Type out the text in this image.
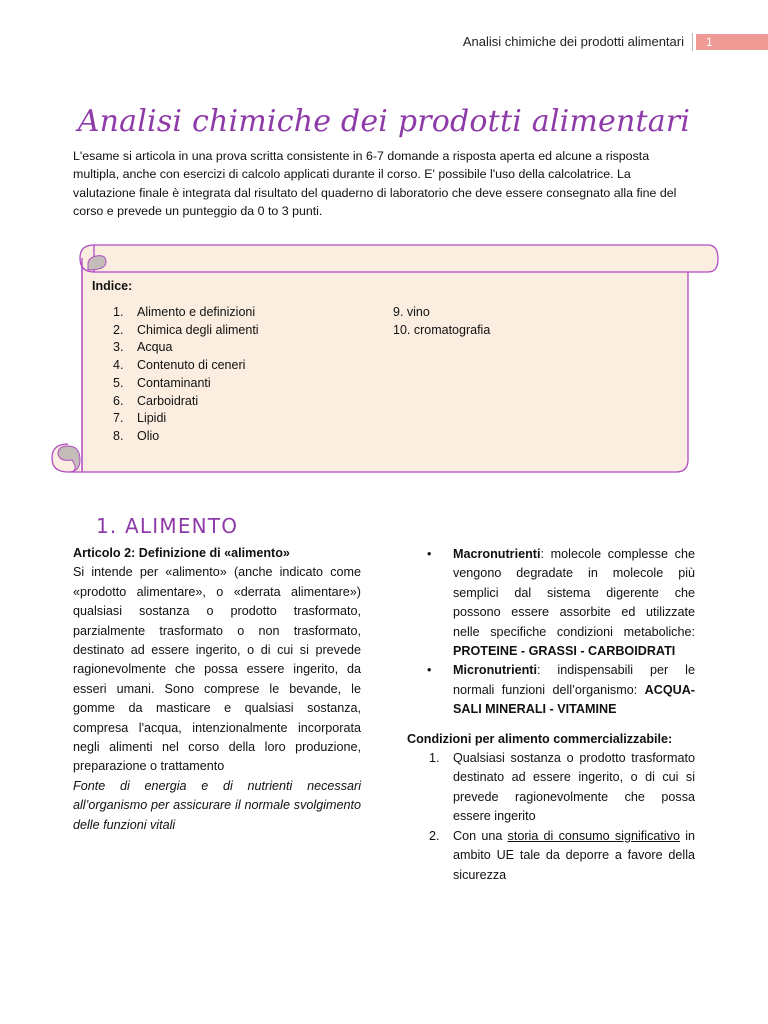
Analisi chimiche dei prodotti alimentari	1
Analisi chimiche dei prodotti alimentari
L'esame si articola in una prova scritta consistente in 6-7 domande a risposta aperta ed alcune a risposta multipla, anche con esercizi di calcolo applicati durante il corso. E' possibile l'uso della calcolatrice. La valutazione finale è integrata dal risultato del quaderno di laboratorio che deve essere consegnato alla fine del corso e prevede un punteggio da 0 to 3 punti.
Indice:
1.	Alimento e definizioni
2.	Chimica degli alimenti
3.	Acqua
4.	Contenuto di ceneri
5.	Contaminanti
6.	Carboidrati
7.	Lipidi
8.	Olio
9. vino
10. cromatografia
1. ALIMENTO
Articolo 2: Definizione di «alimento»
Si intende per «alimento» (anche indicato come «prodotto alimentare», o «derrata alimentare») qualsiasi sostanza o prodotto trasformato, parzialmente trasformato o non trasformato, destinato ad essere ingerito, o di cui si prevede ragionevolmente che possa essere ingerito, da esseri umani. Sono comprese le bevande, le gomme da masticare e qualsiasi sostanza, compresa l'acqua, intenzionalmente incorporata negli alimenti nel corso della loro produzione, preparazione o trattamento
Fonte di energia e di nutrienti necessari all’organismo per assicurare il normale svolgimento delle funzioni vitali
•	Macronutrienti: molecole complesse che vengono degradate in molecole più semplici dal sistema digerente che possono essere assorbite ed utilizzate nelle specifiche condizioni metaboliche: PROTEINE - GRASSI - CARBOIDRATI
•	Micronutrienti: indispensabili per le normali funzioni dell’organismo: ACQUA- SALI MINERALI - VITAMINE
Condizioni per alimento commercializzabile:
1.	Qualsiasi sostanza o prodotto trasformato destinato ad essere ingerito, o di cui si prevede ragionevolmente che possa essere ingerito
2.	Con una storia di consumo significativo in ambito UE tale da deporre a favore della sicurezza
